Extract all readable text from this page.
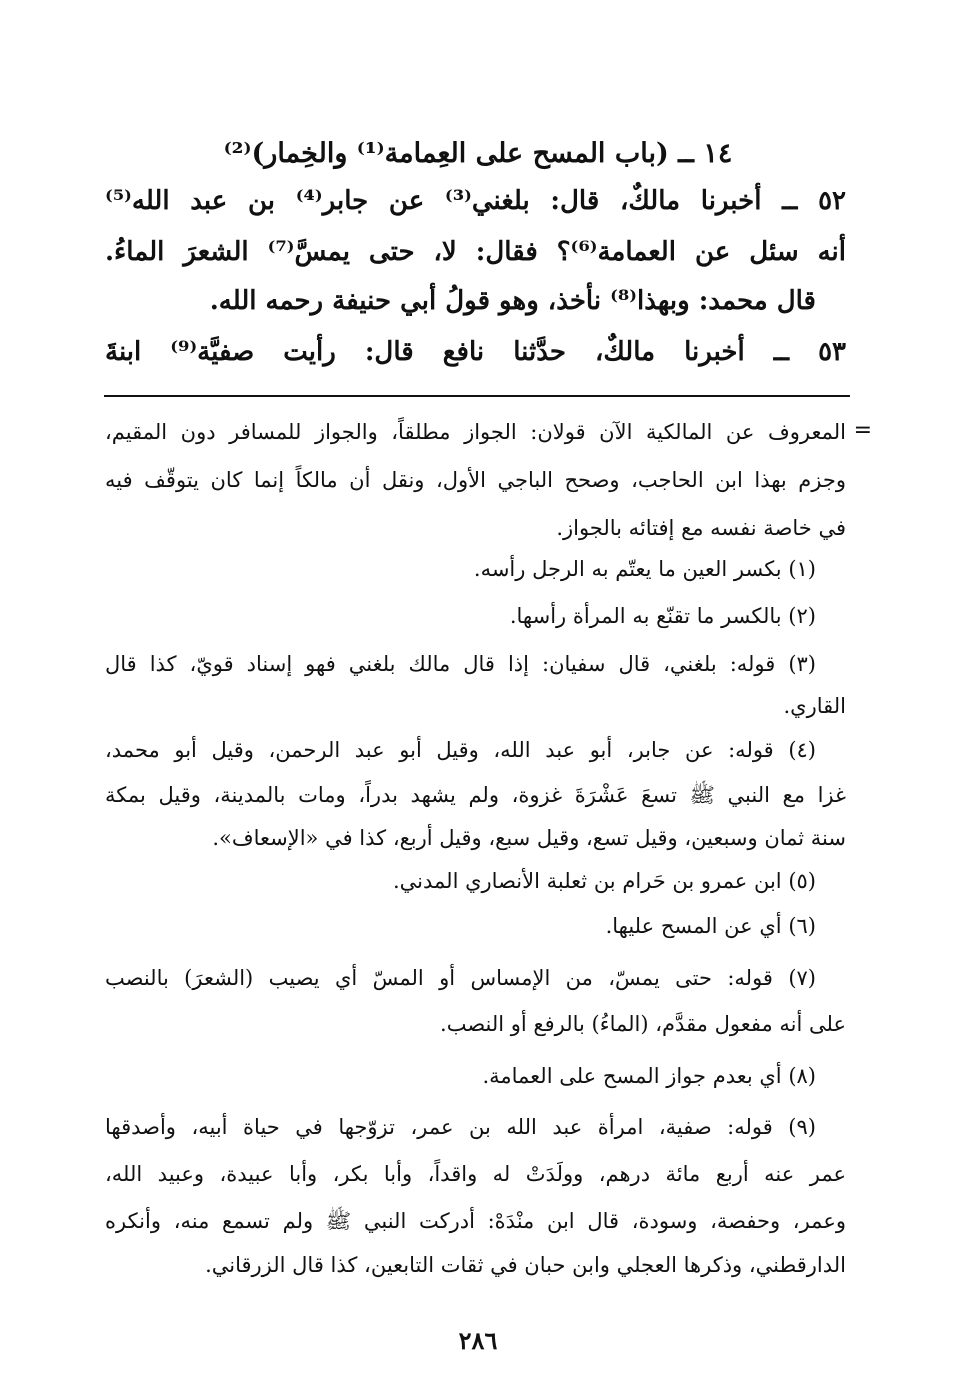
١٤ ــ (باب المسح على العِمامة⁽¹⁾ والخِمار)⁽²⁾
٥٢ ــ أخبرنا مالكٌ، قال: بلغني⁽³⁾ عن جابر⁽⁴⁾ بن عبد الله⁽⁵⁾
أنه سئل عن العمامة⁽⁶⁾؟ فقال: لا، حتى يمسَّ⁽⁷⁾ الشعرَ الماءُ.
قال محمد: وبهذا⁽⁸⁾ نأخذ، وهو قولُ أبي حنيفة رحمه الله.
٥٣ ــ أخبرنا مالكٌ، حدَّثنا نافع قال: رأيت صفيَّة⁽⁹⁾ ابنةَ
=
المعروف عن المالكية الآن قولان: الجواز مطلقاً، والجواز للمسافر دون المقيم،
وجزم بهذا ابن الحاجب، وصحح الباجي الأول، ونقل أن مالكاً إنما كان يتوقّف فيه
في خاصة نفسه مع إفتائه بالجواز.
(١) بكسر العين ما يعتّم به الرجل رأسه.
(٢) بالكسر ما تقنّع به المرأة رأسها.
(٣) قوله: بلغني، قال سفيان: إذا قال مالك بلغني فهو إسناد قويّ، كذا قال
القاري.
(٤) قوله: عن جابر، أبو عبد الله، وقيل أبو عبد الرحمن، وقيل أبو محمد،
غزا مع النبي ﷺ تسعَ عَشْرَةَ غزوة، ولم يشهد بدراً، ومات بالمدينة، وقيل بمكة
سنة ثمان وسبعين، وقيل تسع، وقيل سبع، وقيل أربع، كذا في «الإسعاف».
(٥) ابن عمرو بن حَرام بن ثعلبة الأنصاري المدني.
(٦) أي عن المسح عليها.
(٧) قوله: حتى يمسّ، من الإمساس أو المسّ أي يصيب (الشعرَ) بالنصب
على أنه مفعول مقدَّم، (الماءُ) بالرفع أو النصب.
(٨) أي بعدم جواز المسح على العمامة.
(٩) قوله: صفية، امرأة عبد الله بن عمر، تزوّجها في حياة أبيه، وأصدقها
عمر عنه أربع مائة درهم، وولَدَتْ له واقداً، وأبا بكر، وأبا عبيدة، وعبيد الله،
وعمر، وحفصة، وسودة، قال ابن منْدَهْ: أدركت النبي ﷺ ولم تسمع منه، وأنكره
الدارقطني، وذكرها العجلي وابن حبان في ثقات التابعين، كذا قال الزرقاني.
٢٨٦
